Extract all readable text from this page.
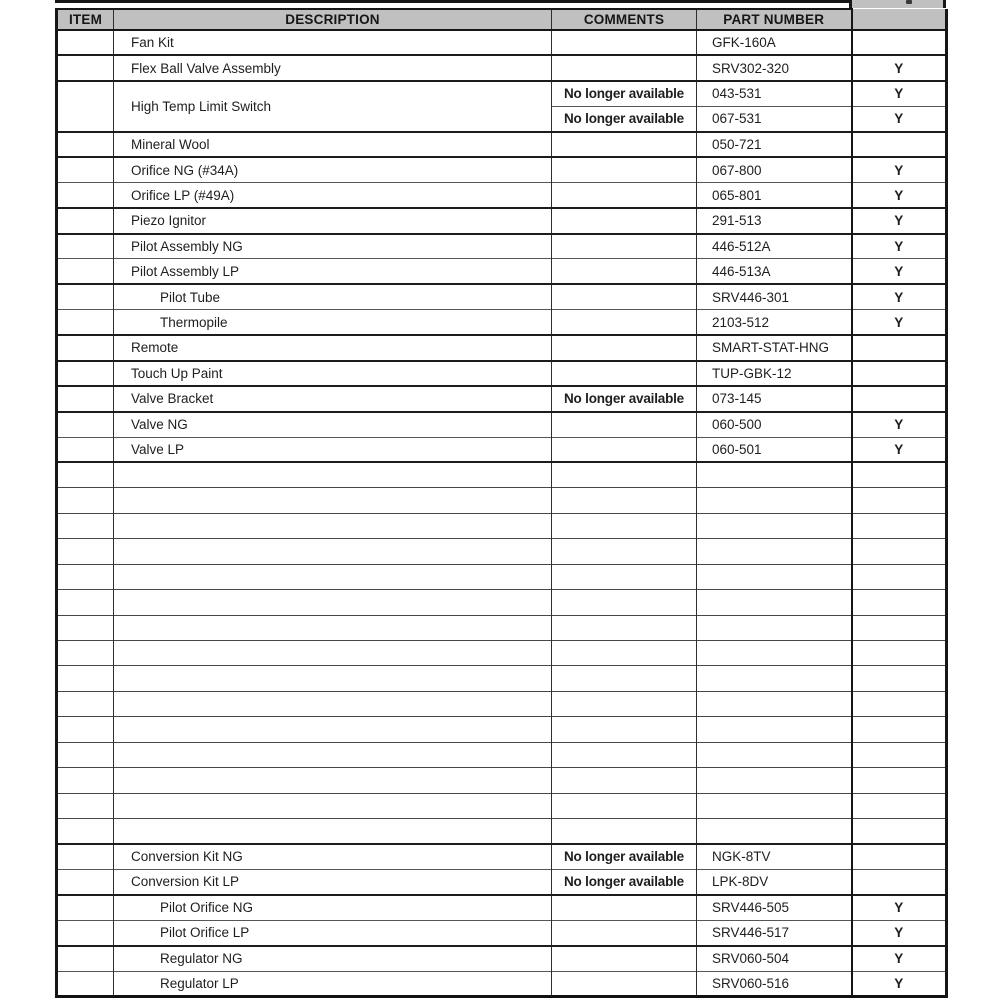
ITEM	DESCRIPTION	COMMENTS	PART NUMBER	
	Fan Kit		GFK-160A	
	Flex Ball Valve Assembly		SRV302-320	Y
	High Temp Limit Switch	No longer available	043-531	Y
		No longer available	067-531	Y
	Mineral Wool		050-721	
	Orifice NG (#34A)		067-800	Y
	Orifice LP (#49A)		065-801	Y
	Piezo Ignitor		291-513	Y
	Pilot Assembly NG		446-512A	Y
	Pilot Assembly LP		446-513A	Y
	Pilot Tube		SRV446-301	Y
	Thermopile		2103-512	Y
	Remote		SMART-STAT-HNG	
	Touch Up Paint		TUP-GBK-12	
	Valve Bracket	No longer available	073-145	
	Valve NG		060-500	Y
	Valve LP		060-501	Y

	Conversion Kit NG	No longer available	NGK-8TV	
	Conversion Kit LP	No longer available	LPK-8DV	
	Pilot Orifice NG		SRV446-505	Y
	Pilot Orifice LP		SRV446-517	Y
	Regulator NG		SRV060-504	Y
	Regulator LP		SRV060-516	Y
